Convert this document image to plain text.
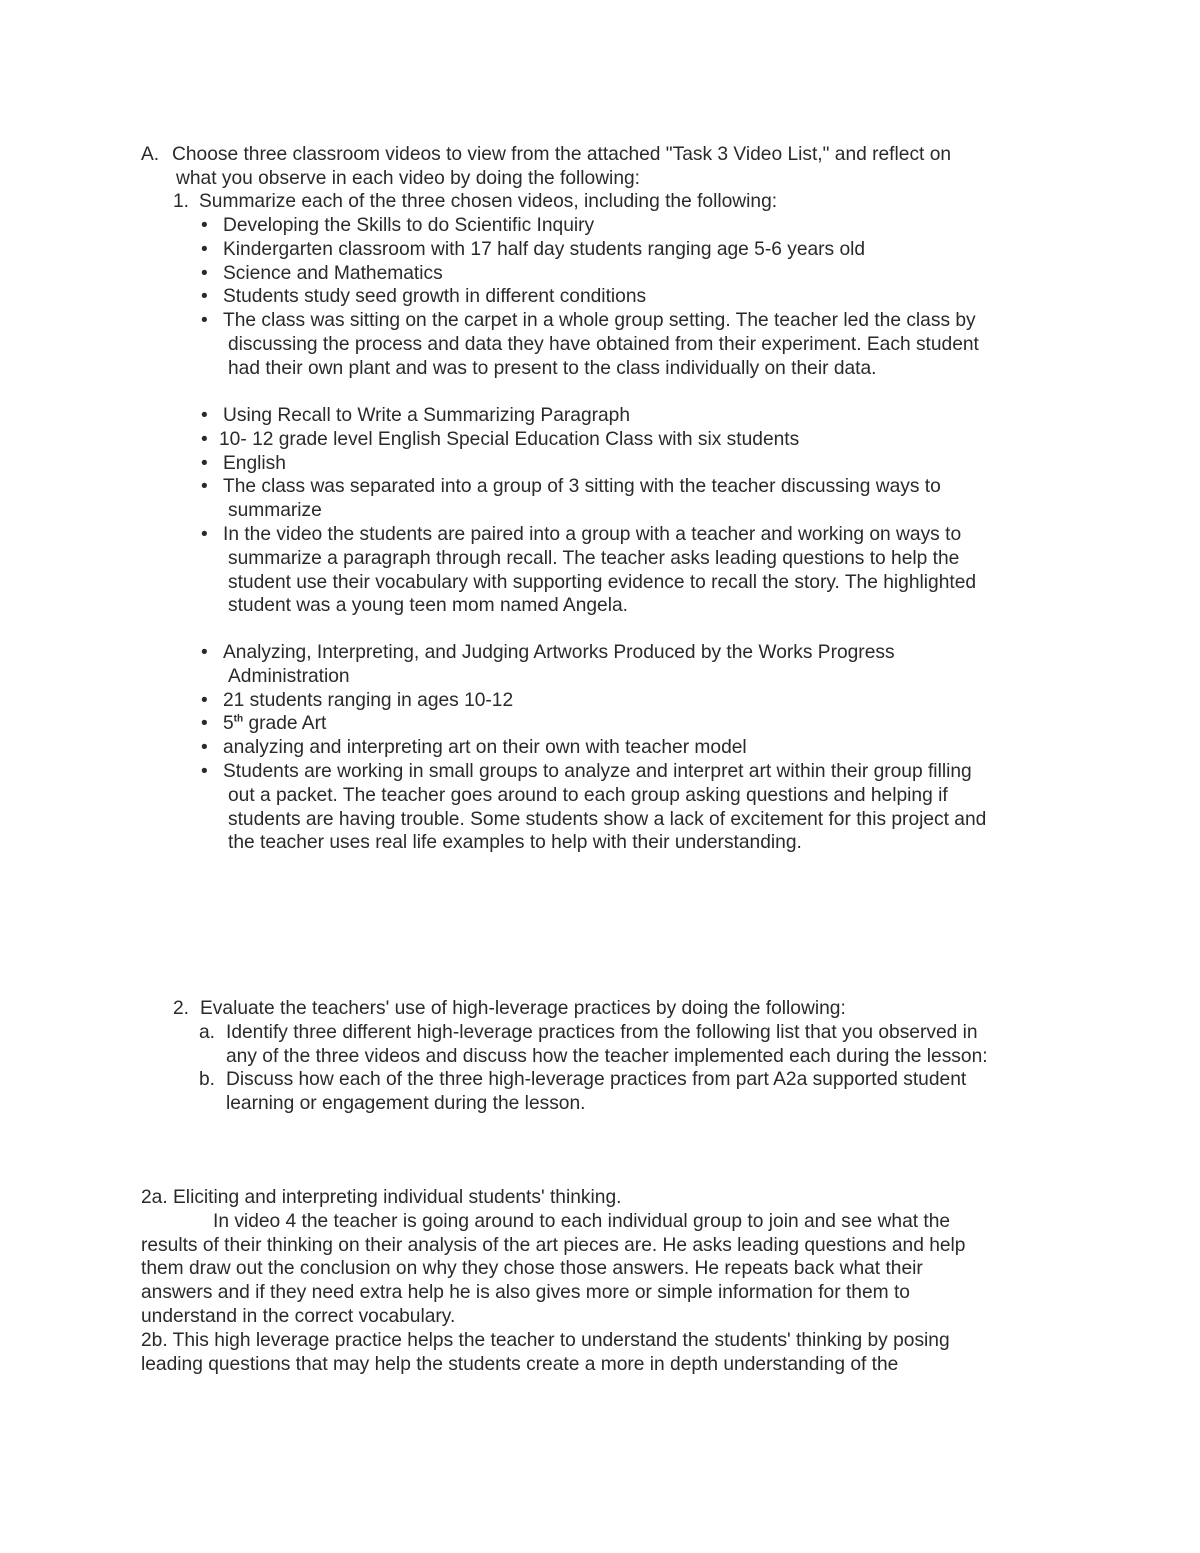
A. Choose three classroom videos to view from the attached "Task 3 Video List," and reflect on
what you observe in each video by doing the following:
1. Summarize each of the three chosen videos, including the following:
• Developing the Skills to do Scientific Inquiry
• Kindergarten classroom with 17 half day students ranging age 5-6 years old
• Science and Mathematics
• Students study seed growth in different conditions
• The class was sitting on the carpet in a whole group setting. The teacher led the class by
discussing the process and data they have obtained from their experiment. Each student
had their own plant and was to present to the class individually on their data.
• Using Recall to Write a Summarizing Paragraph
• 10- 12 grade level English Special Education Class with six students
• English
• The class was separated into a group of 3 sitting with the teacher discussing ways to
summarize
• In the video the students are paired into a group with a teacher and working on ways to
summarize a paragraph through recall. The teacher asks leading questions to help the
student use their vocabulary with supporting evidence to recall the story. The highlighted
student was a young teen mom named Angela.
• Analyzing, Interpreting, and Judging Artworks Produced by the Works Progress
Administration
• 21 students ranging in ages 10-12
• 5th grade Art
• analyzing and interpreting art on their own with teacher model
• Students are working in small groups to analyze and interpret art within their group filling
out a packet. The teacher goes around to each group asking questions and helping if
students are having trouble. Some students show a lack of excitement for this project and
the teacher uses real life examples to help with their understanding.
2. Evaluate the teachers' use of high-leverage practices by doing the following:
a. Identify three different high-leverage practices from the following list that you observed in
any of the three videos and discuss how the teacher implemented each during the lesson:
b. Discuss how each of the three high-leverage practices from part A2a supported student
learning or engagement during the lesson.
2a. Eliciting and interpreting individual students' thinking.
In video 4 the teacher is going around to each individual group to join and see what the
results of their thinking on their analysis of the art pieces are. He asks leading questions and help
them draw out the conclusion on why they chose those answers. He repeats back what their
answers and if they need extra help he is also gives more or simple information for them to
understand in the correct vocabulary.
2b. This high leverage practice helps the teacher to understand the students' thinking by posing
leading questions that may help the students create a more in depth understanding of the
